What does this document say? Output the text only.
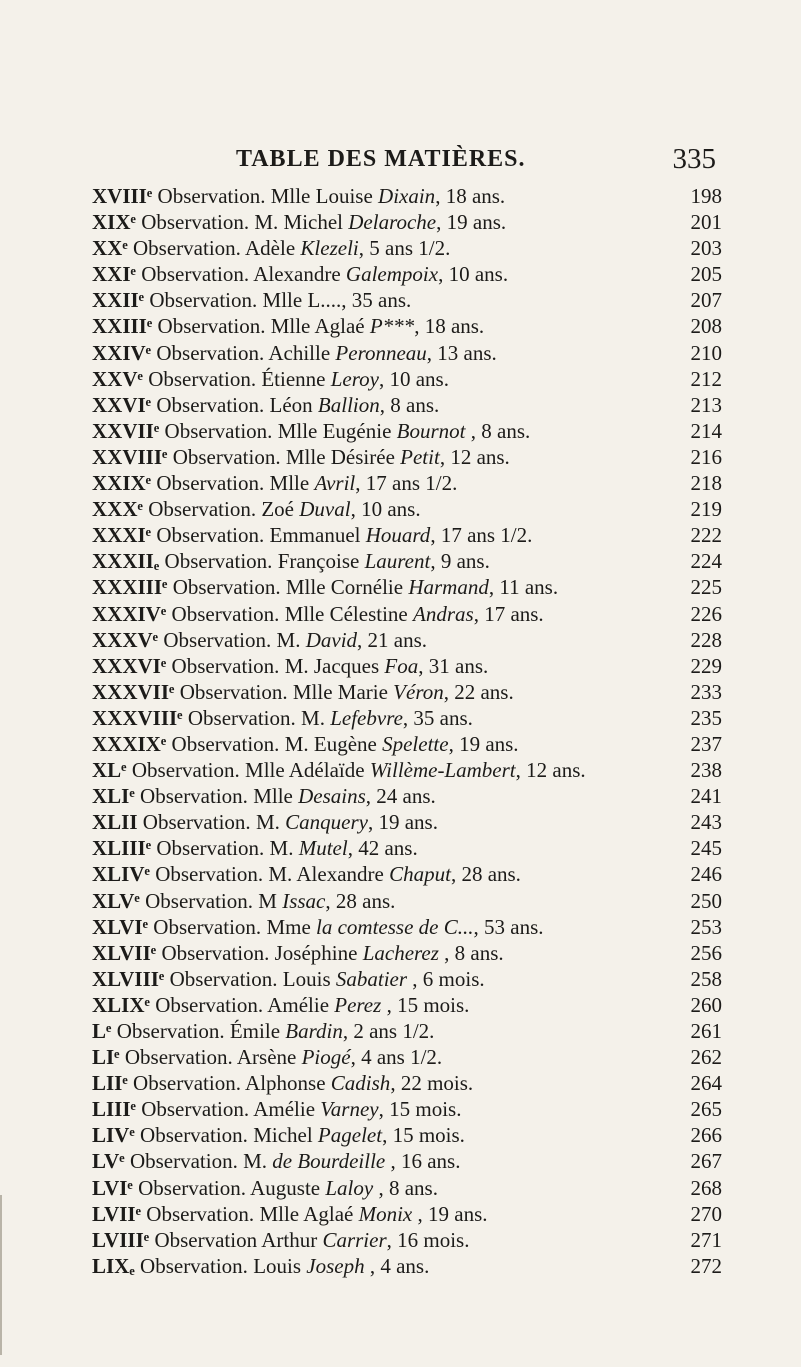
TABLE DES MATIÈRES.	335
XVIIIᵉ Observation. Mlle Louise Dixain, 18 ans.	198
XIXᵉ Observation. M. Michel Delaroche, 19 ans.	201
XXᵉ Observation. Adèle Klezeli, 5 ans 1/2.	203
XXIᵉ Observation. Alexandre Galempoix, 10 ans.	205
XXIIᵉ Observation. Mlle L...., 35 ans.	207
XXIIIᵉ Observation. Mlle Aglaé P***, 18 ans.	208
XXIVᵉ Observation. Achille Peronneau, 13 ans.	210
XXVᵉ Observation. Étienne Leroy, 10 ans.	212
XXVIᵉ Observation. Léon Ballion, 8 ans.	213
XXVIIᵉ Observation. Mlle Eugénie Bournot , 8 ans.	214
XXVIIIᵉ Observation. Mlle Désirée Petit, 12 ans.	216
XXIXᵉ Observation. Mlle Avril, 17 ans 1/2.	218
XXXᵉ Observation. Zoé Duval, 10 ans.	219
XXXIᵉ Observation. Emmanuel Houard, 17 ans 1/2.	222
XXXIIₑ Observation. Françoise Laurent, 9 ans.	224
XXXIIIᵉ Observation. Mlle Cornélie Harmand, 11 ans.	225
XXXIVᵉ Observation. Mlle Célestine Andras, 17 ans.	226
XXXVᵉ Observation. M. David, 21 ans.	228
XXXVIᵉ Observation. M. Jacques Foa, 31 ans.	229
XXXVIIᵉ Observation. Mlle Marie Véron, 22 ans.	233
XXXVIIIᵉ Observation. M. Lefebvre, 35 ans.	235
XXXIXᵉ Observation. M. Eugène Spelette, 19 ans.	237
XLᵉ Observation. Mlle Adélaïde Willème-Lambert, 12 ans.	238
XLIᵉ Observation. Mlle Desains, 24 ans.	241
XLII Observation. M. Canquery, 19 ans.	243
XLIIIᵉ Observation. M. Mutel, 42 ans.	245
XLIVᵉ Observation. M. Alexandre Chaput, 28 ans.	246
XLVᵉ Observation. M Issac, 28 ans.	250
XLVIᵉ Observation. Mme la comtesse de C..., 53 ans.	253
XLVIIᵉ Observation. Joséphine Lacherez , 8 ans.	256
XLVIIIᵉ Observation. Louis Sabatier , 6 mois.	258
XLIXᵉ Observation. Amélie Perez , 15 mois.	260
Lᵉ Observation. Émile Bardin, 2 ans 1/2.	261
LIᵉ Observation. Arsène Piogé, 4 ans 1/2.	262
LIIᵉ Observation. Alphonse Cadish, 22 mois.	264
LIIIᵉ Observation. Amélie Varney, 15 mois.	265
LIVᵉ Observation. Michel Pagelet, 15 mois.	266
LVᵉ Observation. M. de Bourdeille , 16 ans.	267
LVIᵉ Observation. Auguste Laloy , 8 ans.	268
LVIIᵉ Observation. Mlle Aglaé Monix , 19 ans.	270
LVIIIᵉ Observation Arthur Carrier, 16 mois.	271
LIXₑ Observation. Louis Joseph , 4 ans.	272
